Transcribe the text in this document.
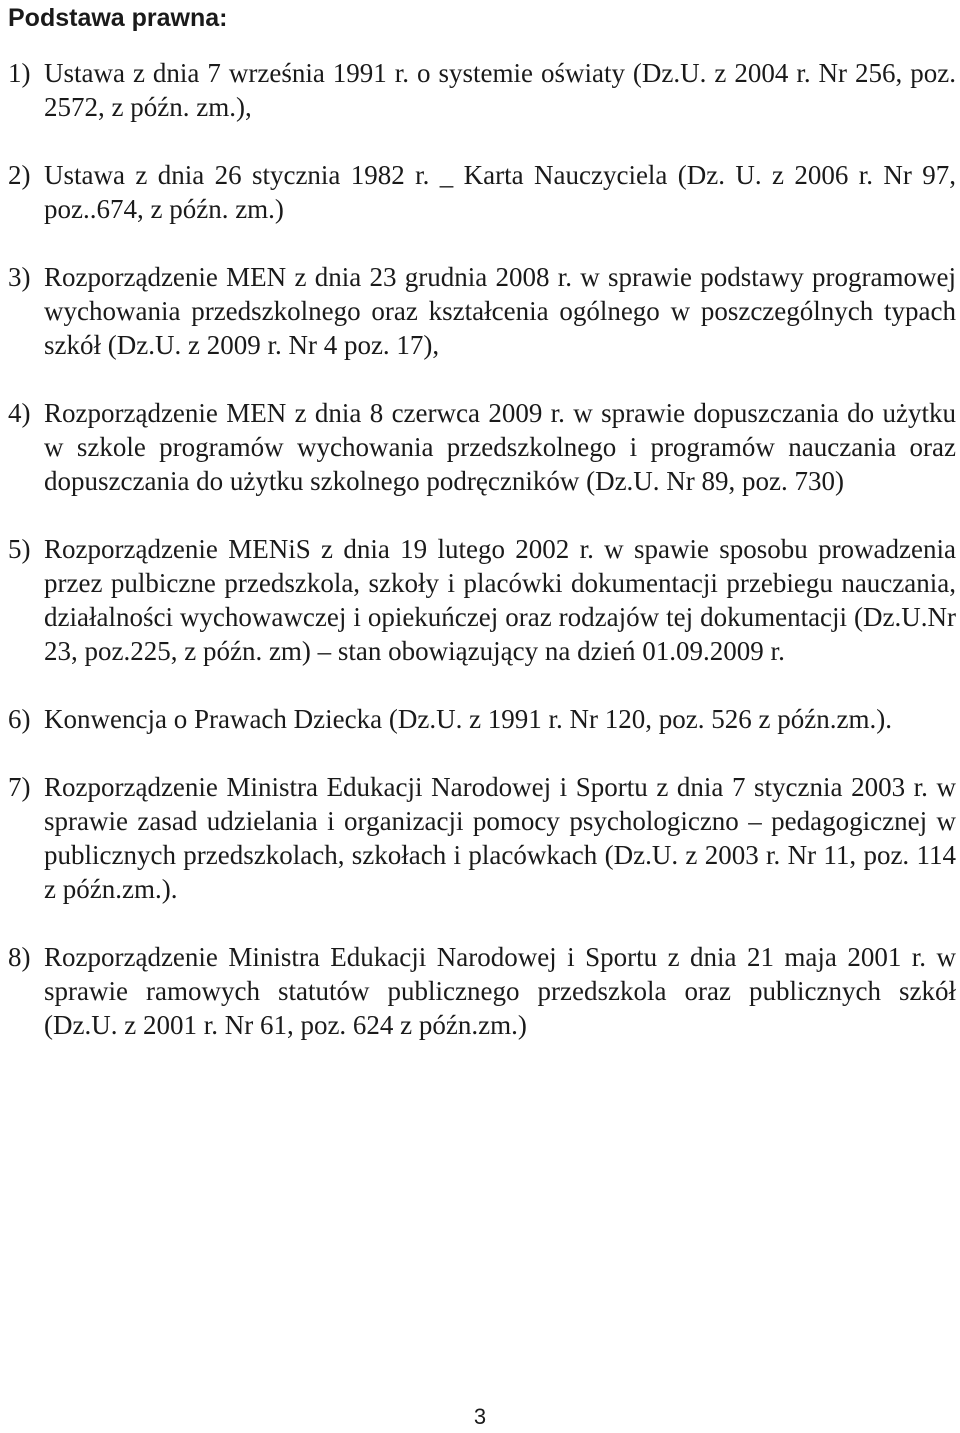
Podstawa prawna:
1) Ustawa z dnia 7 września 1991 r. o systemie oświaty (Dz.U. z 2004 r. Nr 256, poz. 2572, z późn. zm.),
2) Ustawa z dnia 26 stycznia 1982 r. _ Karta Nauczyciela (Dz. U. z 2006 r. Nr 97, poz..674, z późn. zm.)
3) Rozporządzenie MEN z dnia 23 grudnia 2008 r. w sprawie podstawy programowej wychowania przedszkolnego oraz kształcenia ogólnego w poszczególnych typach szkół (Dz.U. z 2009 r. Nr 4 poz. 17),
4) Rozporządzenie MEN z dnia 8 czerwca 2009 r. w sprawie dopuszczania do użytku w szkole programów wychowania przedszkolnego i programów nauczania oraz dopuszczania do użytku szkolnego podręczników (Dz.U. Nr 89, poz. 730)
5) Rozporządzenie MENiS z dnia 19 lutego 2002 r. w spawie sposobu prowadzenia przez pulbiczne przedszkola, szkoły i placówki dokumentacji przebiegu nauczania, działalności wychowawczej i opiekuńczej oraz rodzajów tej dokumentacji (Dz.U.Nr 23, poz.225, z późn. zm) – stan obowiązujący na dzień 01.09.2009 r.
6) Konwencja o Prawach Dziecka (Dz.U. z 1991 r. Nr 120, poz. 526 z późn.zm.).
7) Rozporządzenie Ministra Edukacji Narodowej i Sportu z dnia 7 stycznia 2003 r. w sprawie zasad udzielania i organizacji pomocy psychologiczno – pedagogicznej w publicznych przedszkolach, szkołach i placówkach (Dz.U. z 2003 r. Nr 11, poz. 114 z późn.zm.).
8) Rozporządzenie Ministra Edukacji Narodowej i Sportu z dnia 21 maja 2001 r. w sprawie ramowych statutów publicznego przedszkola oraz publicznych szkół (Dz.U. z 2001 r. Nr 61, poz. 624 z późn.zm.)
3
